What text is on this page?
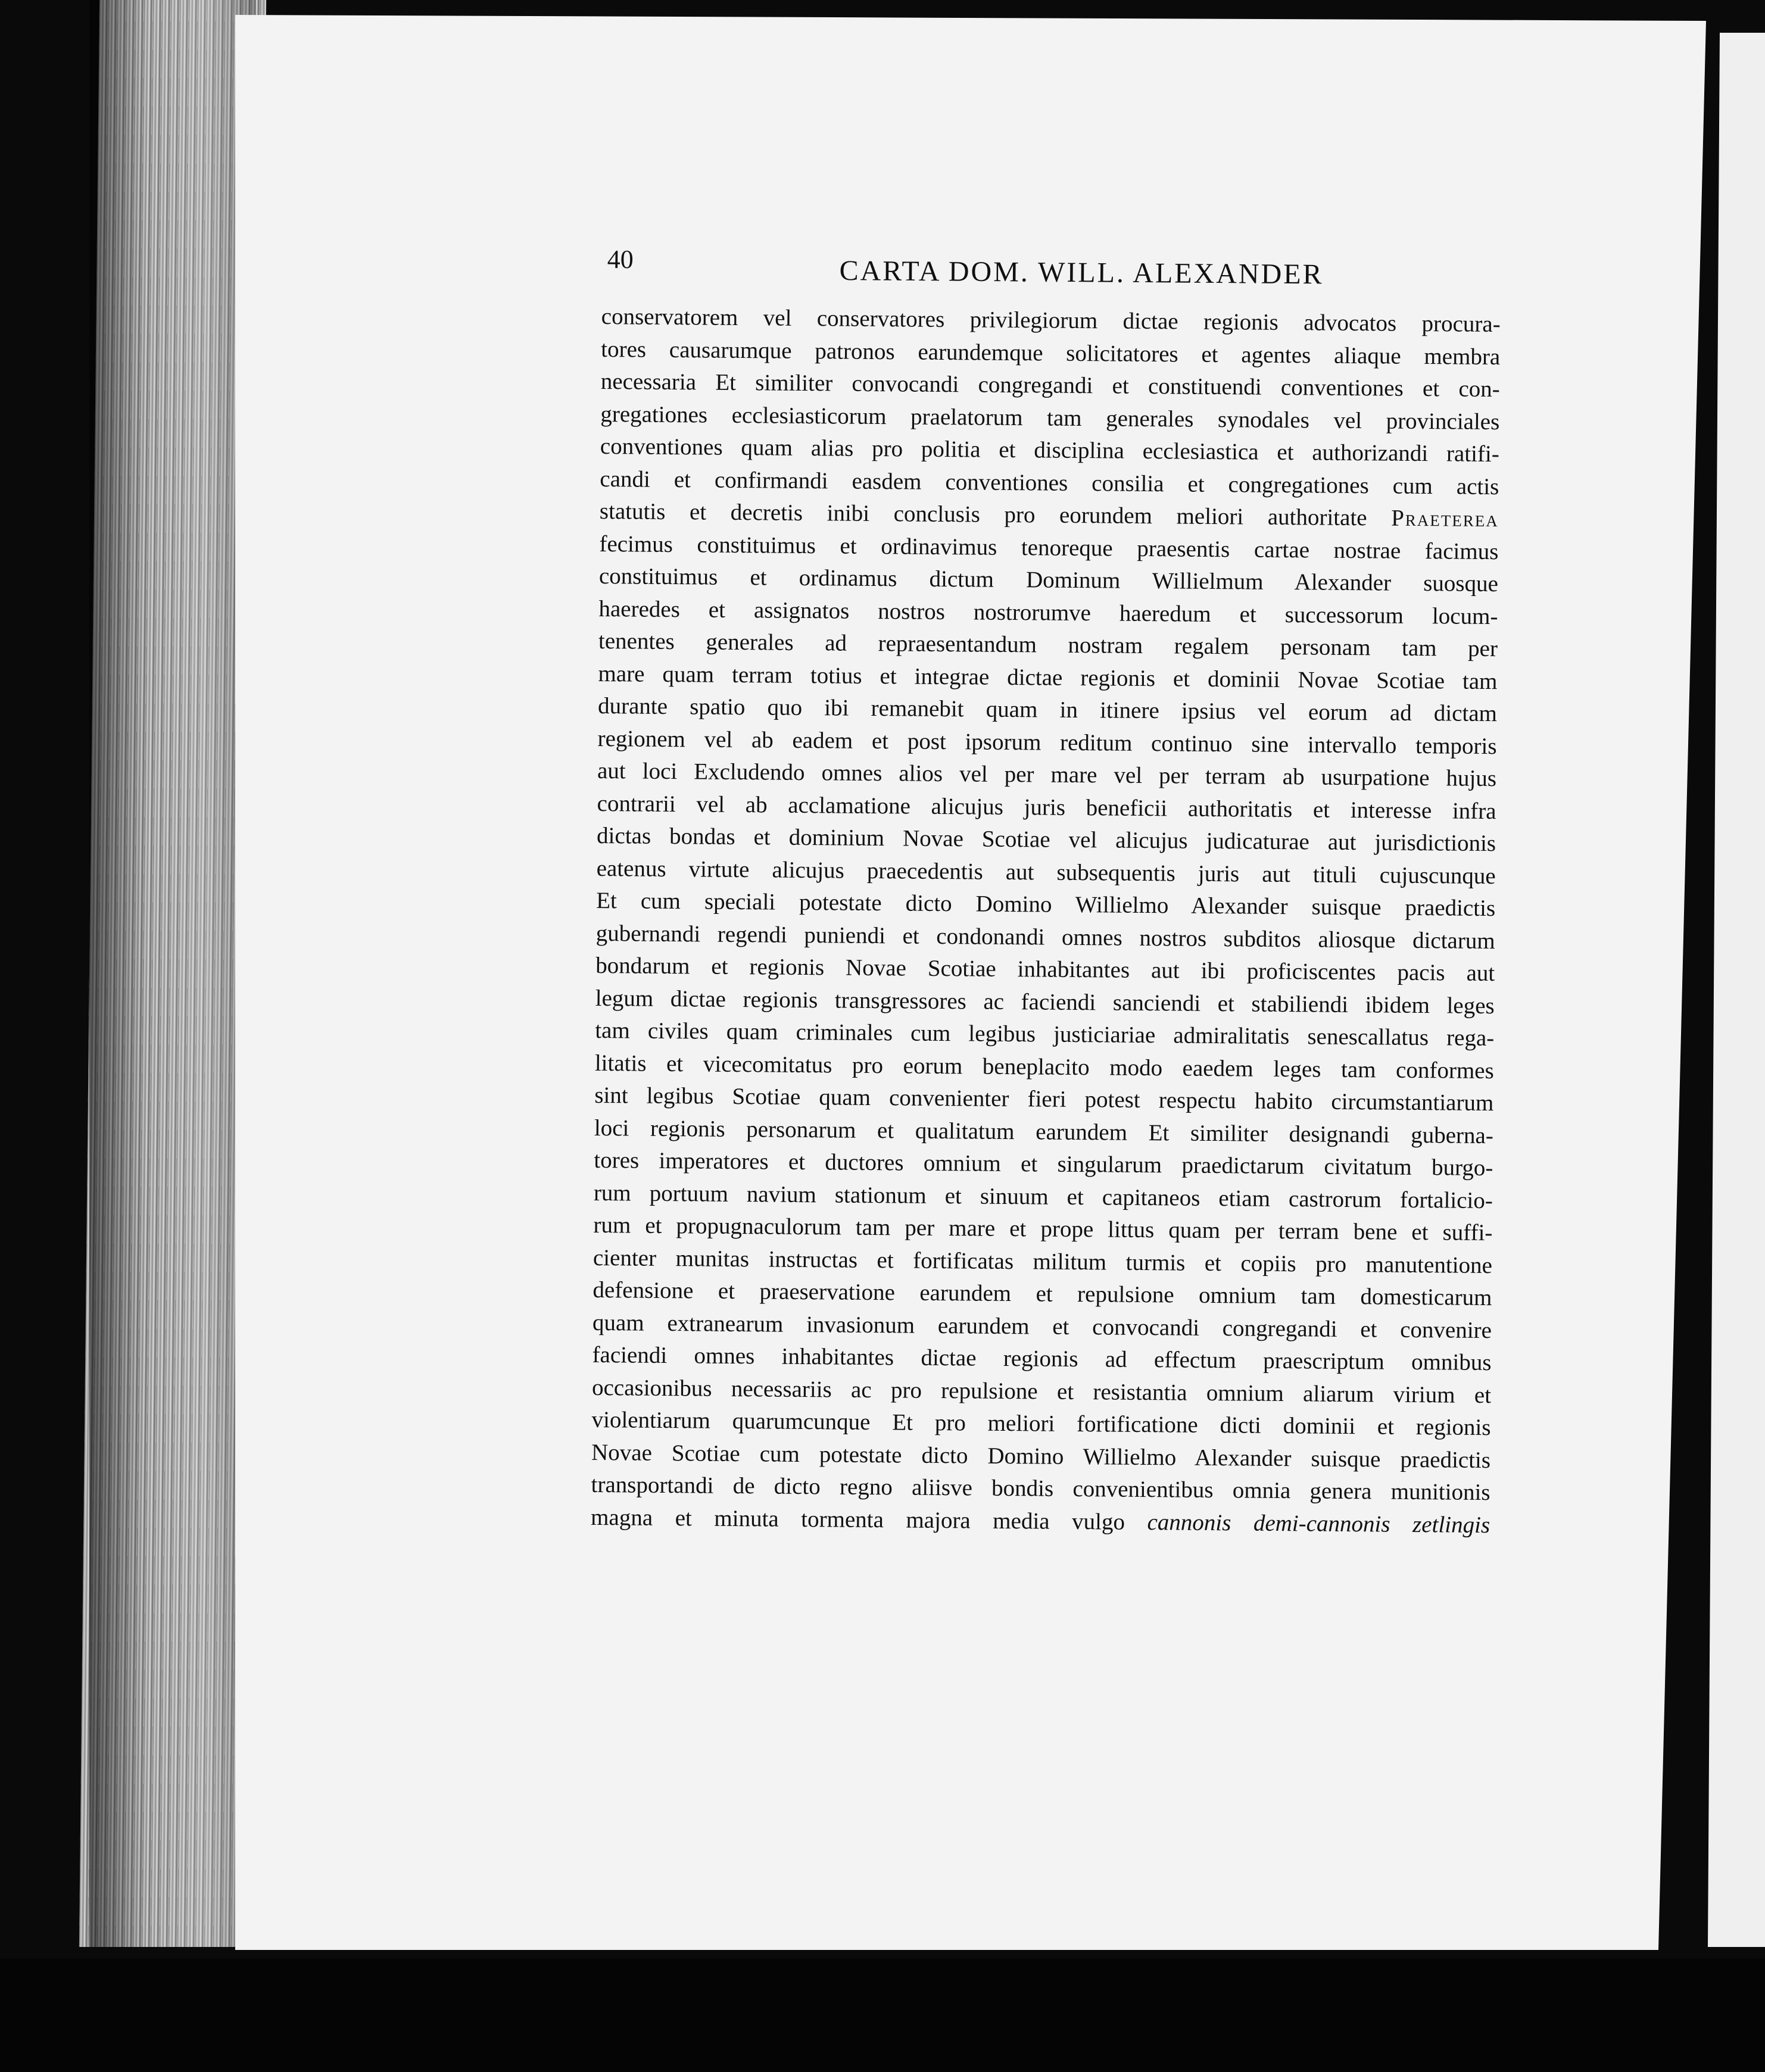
40	CARTA DOM. WILL. ALEXANDER
conservatorem vel conservatores privilegiorum dictae regionis advocatos procura-
tores causarumque patronos earundemque solicitatores et agentes aliaque membra
necessaria Et similiter convocandi congregandi et constituendi conventiones et con-
gregationes ecclesiasticorum praelatorum tam generales synodales vel provinciales
conventiones quam alias pro politia et disciplina ecclesiastica et authorizandi ratifi-
candi et confirmandi easdem conventiones consilia et congregationes cum actis
statutis et decretis inibi conclusis pro eorundem meliori authoritate Praeterea
fecimus constituimus et ordinavimus tenoreque praesentis cartae nostrae facimus
constituimus et ordinamus dictum Dominum Willielmum Alexander suosque
haeredes et assignatos nostros nostrorumve haeredum et successorum locum-
tenentes generales ad repraesentandum nostram regalem personam tam per
mare quam terram totius et integrae dictae regionis et dominii Novae Scotiae tam
durante spatio quo ibi remanebit quam in itinere ipsius vel eorum ad dictam
regionem vel ab eadem et post ipsorum reditum continuo sine intervallo temporis
aut loci Excludendo omnes alios vel per mare vel per terram ab usurpatione hujus
contrarii vel ab acclamatione alicujus juris beneficii authoritatis et interesse infra
dictas bondas et dominium Novae Scotiae vel alicujus judicaturae aut jurisdictionis
eatenus virtute alicujus praecedentis aut subsequentis juris aut tituli cujuscunque
Et cum speciali potestate dicto Domino Willielmo Alexander suisque praedictis
gubernandi regendi puniendi et condonandi omnes nostros subditos aliosque dictarum
bondarum et regionis Novae Scotiae inhabitantes aut ibi proficiscentes pacis aut
legum dictae regionis transgressores ac faciendi sanciendi et stabiliendi ibidem leges
tam civiles quam criminales cum legibus justiciariae admiralitatis senescallatus rega-
litatis et vicecomitatus pro eorum beneplacito modo eaedem leges tam conformes
sint legibus Scotiae quam convenienter fieri potest respectu habito circumstantiarum
loci regionis personarum et qualitatum earundem Et similiter designandi guberna-
tores imperatores et ductores omnium et singularum praedictarum civitatum burgo-
rum portuum navium stationum et sinuum et capitaneos etiam castrorum fortalicio-
rum et propugnaculorum tam per mare et prope littus quam per terram bene et suffi-
cienter munitas instructas et fortificatas militum turmis et copiis pro manutentione
defensione et praeservatione earundem et repulsione omnium tam domesticarum
quam extranearum invasionum earundem et convocandi congregandi et convenire
faciendi omnes inhabitantes dictae regionis ad effectum praescriptum omnibus
occasionibus necessariis ac pro repulsione et resistantia omnium aliarum virium et
violentiarum quarumcunque Et pro meliori fortificatione dicti dominii et regionis
Novae Scotiae cum potestate dicto Domino Willielmo Alexander suisque praedictis
transportandi de dicto regno aliisve bondis convenientibus omnia genera munitionis
magna et minuta tormenta majora media vulgo cannonis demi-cannonis zetlingis
